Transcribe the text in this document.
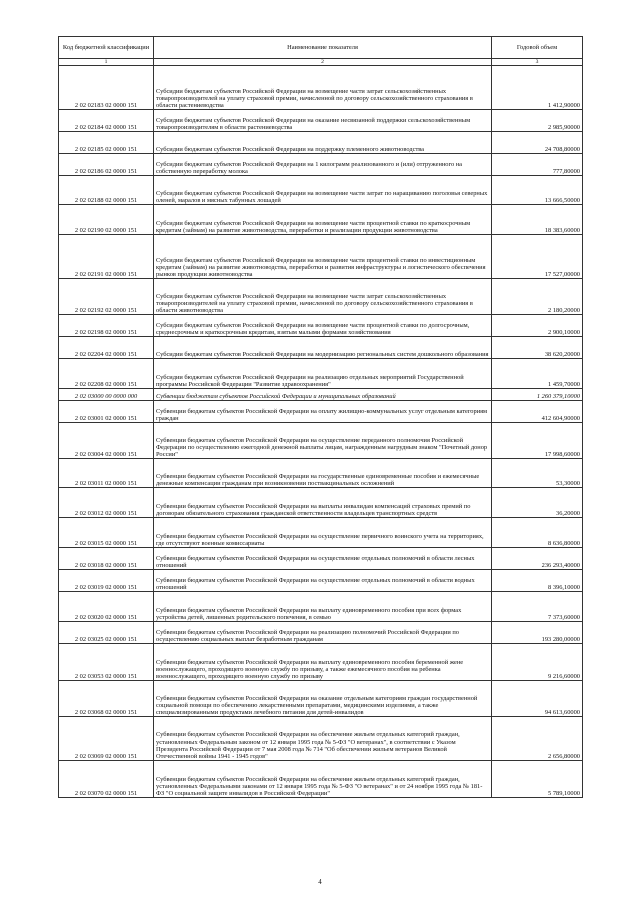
Код бюджетной классификации	Наименование показателя	Годовой объем
1	2	3
2 02 02183 02 0000 151	Субсидии бюджетам субъектов Российской Федерации на возмещение части затрат сельскохозяйственных товаропроизводителей на уплату страховой премии, начисленной по договору сельскохозяйственного страхования в области растениеводства	1 412,90000
2 02 02184 02 0000 151	Субсидии бюджетам субъектов Российской Федерации на оказание несвязанной поддержки сельскохозяйственным товаропроизводителям в области растениеводства	2 985,90000
2 02 02185 02 0000 151	Субсидии бюджетам субъектов Российской Федерации на поддержку племенного животноводства	24 708,80000
2 02 02186 02 0000 151	Субсидии бюджетам субъектов Российской Федерации на 1 килограмм реализованного и (или) отгруженного на собственную переработку молока	777,80000
2 02 02188 02 0000 151	Субсидии бюджетам субъектов Российской Федерации на возмещение части затрат по наращиванию поголовья северных оленей, маралов и мясных табунных лошадей	13 666,50000
2 02 02190 02 0000 151	Субсидии бюджетам субъектов Российской Федерации на возмещение части процентной ставки по краткосрочным кредитам (займам) на развитие животноводства, переработки и реализации продукции животноводства	18 383,60000
2 02 02191 02 0000 151	Субсидии бюджетам субъектов Российской Федерации на возмещение части процентной ставки по инвестиционным кредитам (займам) на развитие животноводства, переработки и развития инфраструктуры и логистического обеспечения рынков продукции животноводства	17 527,00000
2 02 02192 02 0000 151	Субсидии бюджетам субъектов Российской Федерации на возмещение части затрат сельскохозяйственных товаропроизводителей на уплату страховой премии, начисленной по договору сельскохозяйственного страхования в области животноводства	2 180,20000
2 02 02198 02 0000 151	Субсидии бюджетам субъектов Российской Федерации на возмещение части процентной ставки по долгосрочным, среднесрочным и краткосрочным кредитам, взятым малыми формами хозяйствования	2 900,10000
2 02 02204 02 0000 151	Субсидии бюджетам субъектов Российской Федерации на модернизацию региональных систем дошкольного образования	38 620,20000
2 02 02208 02 0000 151	Субсидии бюджетам субъектов Российской Федерации на реализацию отдельных мероприятий Государственной программы Российской Федерации "Развитие здравоохранения"	1 459,70000
2 02 03000 00 0000 000	Субвенции бюджетам субъектов Российской Федерации и муниципальных образований	1 260 379,10000
2 02 03001 02 0000 151	Субвенции бюджетам субъектов Российской Федерации на оплату жилищно-коммунальных услуг отдельным категориям граждан	412 604,90000
2 02 03004 02 0000 151	Субвенции бюджетам субъектов Российской Федерации на осуществление переданного полномочия Российской Федерации по осуществлению ежегодной денежной выплаты лицам, награжденным нагрудным знаком "Почетный донор России"	17 998,60000
2 02 03011 02 0000 151	Субвенции бюджетам субъектов Российской Федерации на государственные единовременные пособия и ежемесячные денежные компенсации гражданам при возникновении поствакцинальных осложнений	53,30000
2 02 03012 02 0000 151	Субвенции бюджетам субъектов Российской Федерации на выплаты инвалидам компенсаций страховых премий по договорам обязательного страхования гражданской ответственности владельцев транспортных средств	36,20000
2 02 03015 02 0000 151	Субвенции бюджетам субъектов Российской Федерации на осуществление первичного воинского учета на территориях, где отсутствуют военные комиссариаты	8 636,80000
2 02 03018 02 0000 151	Субвенции бюджетам субъектов Российской Федерации на осуществление отдельных полномочий в области лесных отношений	236 293,40000
2 02 03019 02 0000 151	Субвенции бюджетам субъектов Российской Федерации на осуществление отдельных полномочий в области водных отношений	8 396,10000
2 02 03020 02 0000 151	Субвенции бюджетам субъектов Российской Федерации на выплату единовременного пособия при всех формах устройства детей, лишенных родительского попечения, в семью	7 373,60000
2 02 03025 02 0000 151	Субвенции бюджетам субъектов Российской Федерации на реализацию полномочий Российской Федерации по осуществлению социальных выплат безработным гражданам	193 280,00000
2 02 03053 02 0000 151	Субвенции бюджетам субъектов Российской Федерации на выплату единовременного пособия беременной жене военнослужащего, проходящего военную службу по призыву, а также ежемесячного пособия на ребенка военнослужащего, проходящего военную службу по призыву	9 216,60000
2 02 03068 02 0000 151	Субвенции бюджетам субъектов Российской Федерации на оказание отдельным категориям граждан государственной социальной помощи по обеспечению лекарственными препаратами, медицинскими изделиями, а также специализированными продуктами лечебного питания для детей-инвалидов	94 613,60000
2 02 03069 02 0000 151	Субвенции бюджетам субъектов Российской Федерации на обеспечение жильем отдельных категорий граждан, установленных Федеральным законом от 12 января 1995 года № 5-ФЗ "О ветеранах", в соответствии с Указом Президента Российской Федерации от 7 мая 2008 года № 714 "Об обеспечении жильем ветеранов Великой Отечественной войны 1941 - 1945 годов"	2 656,80000
2 02 03070 02 0000 151	Субвенции бюджетам субъектов Российской Федерации на обеспечение жильем отдельных категорий граждан, установленных Федеральными законами от 12 января 1995 года № 5-ФЗ "О ветеранах" и от 24 ноября 1995 года № 181-ФЗ "О социальной защите инвалидов в Российской Федерации"	5 789,10000
4
